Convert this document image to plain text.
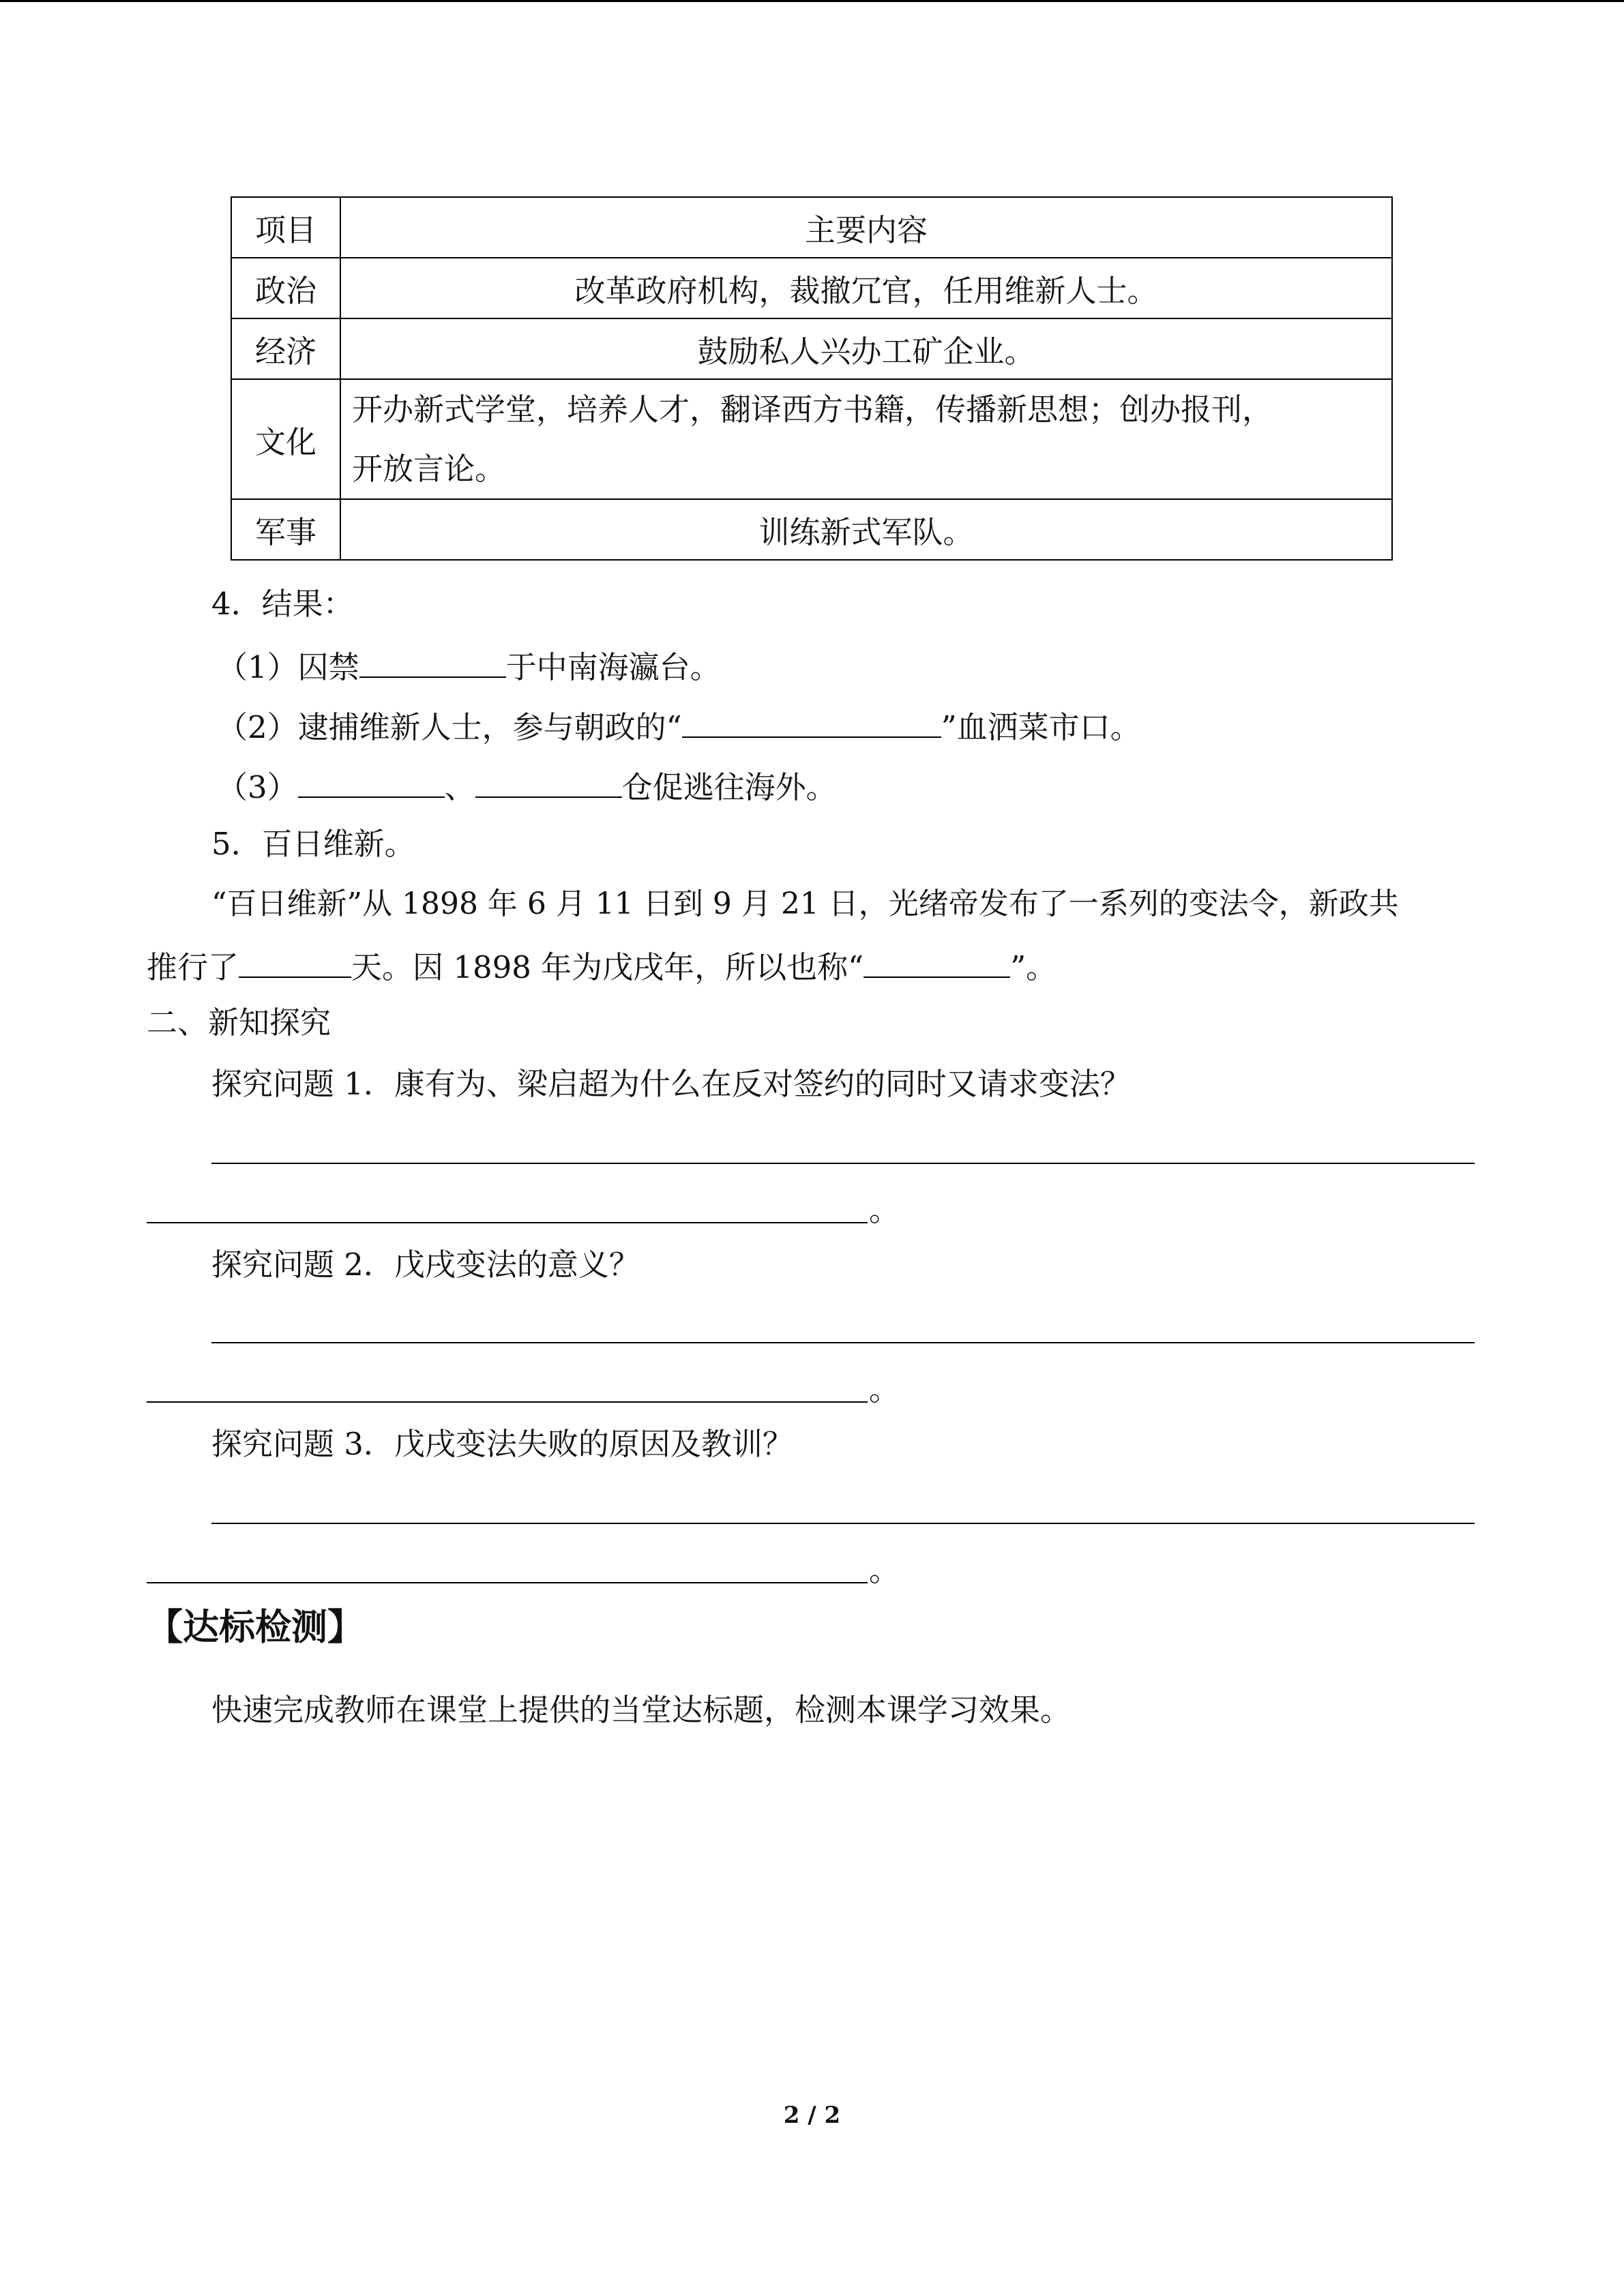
项目	主要内容
政治	改革政府机构，裁撤冗官，任用维新人士。
经济	鼓励私人兴办工矿企业。
文化	开办新式学堂，培养人才，翻译西方书籍，传播新思想；创办报刊，
开放言论。
军事	训练新式军队。
4．结果：
（1）囚禁	于中南海瀛台。
（2）逮捕维新人士，参与朝政的“	”血洒菜市口。
（3）	、	仓促逃往海外。
5．百日维新。
“百日维新”从 1898 年 6 月 11 日到 9 月 21 日，光绪帝发布了一系列的变法令，新政共
推行了	天。因 1898 年为戊戌年，所以也称“	”。
二、新知探究
探究问题 1．康有为、梁启超为什么在反对签约的同时又请求变法？
。
探究问题 2．戊戌变法的意义？
。
探究问题 3．戊戌变法失败的原因及教训？
。
【达标检测】
快速完成教师在课堂上提供的当堂达标题，检测本课学习效果。
2 / 2
